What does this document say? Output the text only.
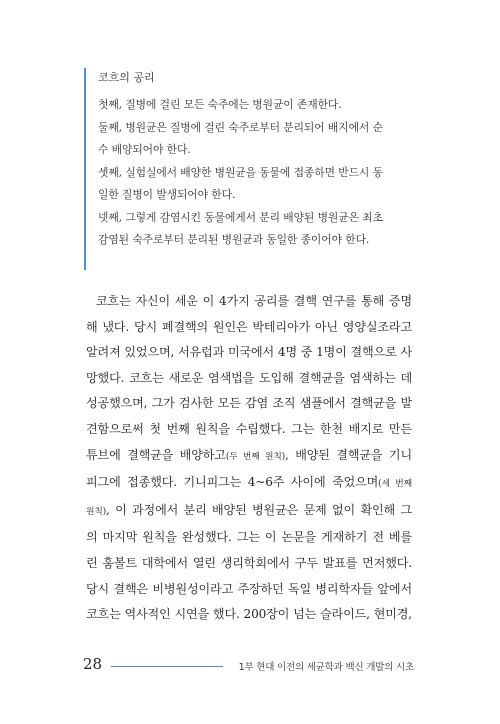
코흐의 공리

첫째, 질병에 걸린 모든 숙주에는 병원균이 존재한다.

둘째, 병원균은 질병에 걸린 숙주로부터 분리되어 배지에서 순

수 배양되어야 한다.

셋째, 실험실에서 배양한 병원균을 동물에 접종하면 반드시 동

일한 질병이 발생되어야 한다.

넷째, 그렇게 감염시킨 동물에게서 분리 배양된 병원균은 최초

감염된 숙주로부터 분리된 병원균과 동일한 종이어야 한다.

코흐는 자신이 세운 이 4가지 공리를 결핵 연구를 통해 증명

해 냈다. 당시 폐결핵의 원인은 박테리아가 아닌 영양실조라고

알려져 있었으며, 서유럽과 미국에서 4명 중 1명이 결핵으로 사

망했다. 코흐는 새로운 염색법을 도입해 결핵균을 염색하는 데

성공했으며, 그가 검사한 모든 감염 조직 샘플에서 결핵균을 발

견함으로써 첫 번째 원칙을 수립했다. 그는 한천 배지로 만든

튜브에 결핵균을 배양하고(두 번째 원칙), 배양된 결핵균을 기니

피그에 접종했다. 기니피그는 4~6주 사이에 죽었으며(세 번째

원칙), 이 과정에서 분리 배양된 병원균은 문제 없이 확인해 그

의 마지막 원칙을 완성했다. 그는 이 논문을 게재하기 전 베를

린 훔볼트 대학에서 열린 생리학회에서 구두 발표를 먼저했다.

당시 결핵은 비병원성이라고 주장하던 독일 병리학자들 앞에서

코흐는 역사적인 시연을 했다. 200장이 넘는 슬라이드, 현미경,

28	1부 현대 이전의 세균학과 백신 개발의 시초
